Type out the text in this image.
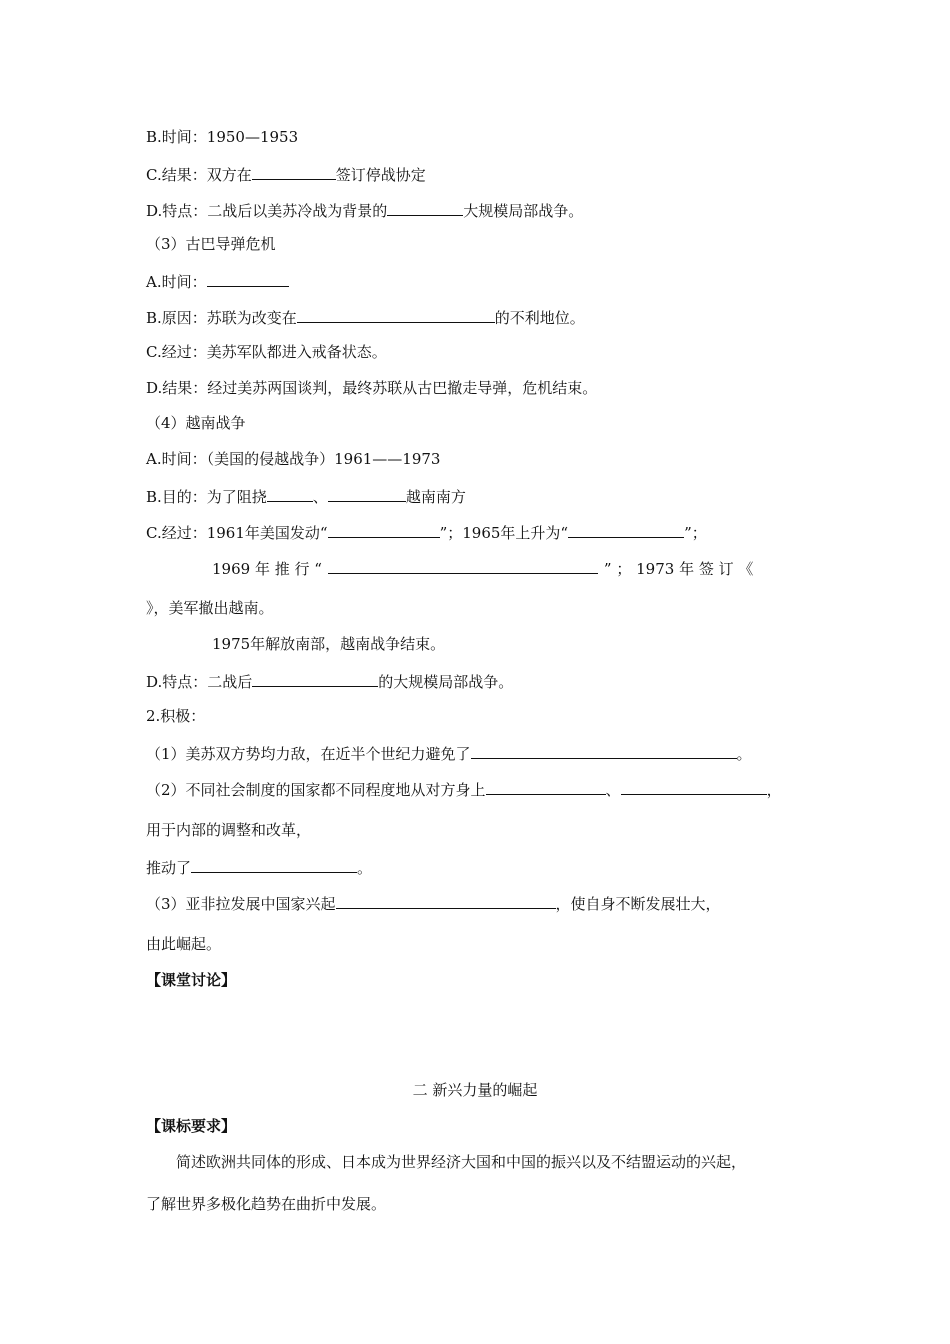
B.时间：1950—1953
C.结果：双方在	签订停战协定
D.特点：二战后以美苏冷战为背景的	大规模局部战争。
（3）古巴导弹危机
A.时间：
B.原因：苏联为改变在	的不利地位。
C.经过：美苏军队都进入戒备状态。
D.结果：经过美苏两国谈判，最终苏联从古巴撤走导弹，危机结束。
（4）越南战争
A.时间：（美国的侵越战争）1961——1973
B.目的：为了阻挠	、	越南南方
C.经过：1961年美国发动“	”；1965年上升为“	”；
1969 年 推 行 “	” ； 1973 年 签 订 《
》，美军撤出越南。
1975年解放南部，越南战争结束。
D.特点：二战后	的大规模局部战争。
2.积极：
（1）美苏双方势均力敌，在近半个世纪力避免了	。
（2）不同社会制度的国家都不同程度地从对方身上	、	，
用于内部的调整和改革，
推动了	。
（3）亚非拉发展中国家兴起	，使自身不断发展壮大，
由此崛起。
【课堂讨论】
二 新兴力量的崛起
【课标要求】
简述欧洲共同体的形成、日本成为世界经济大国和中国的振兴以及不结盟运动的兴起，
了解世界多极化趋势在曲折中发展。
